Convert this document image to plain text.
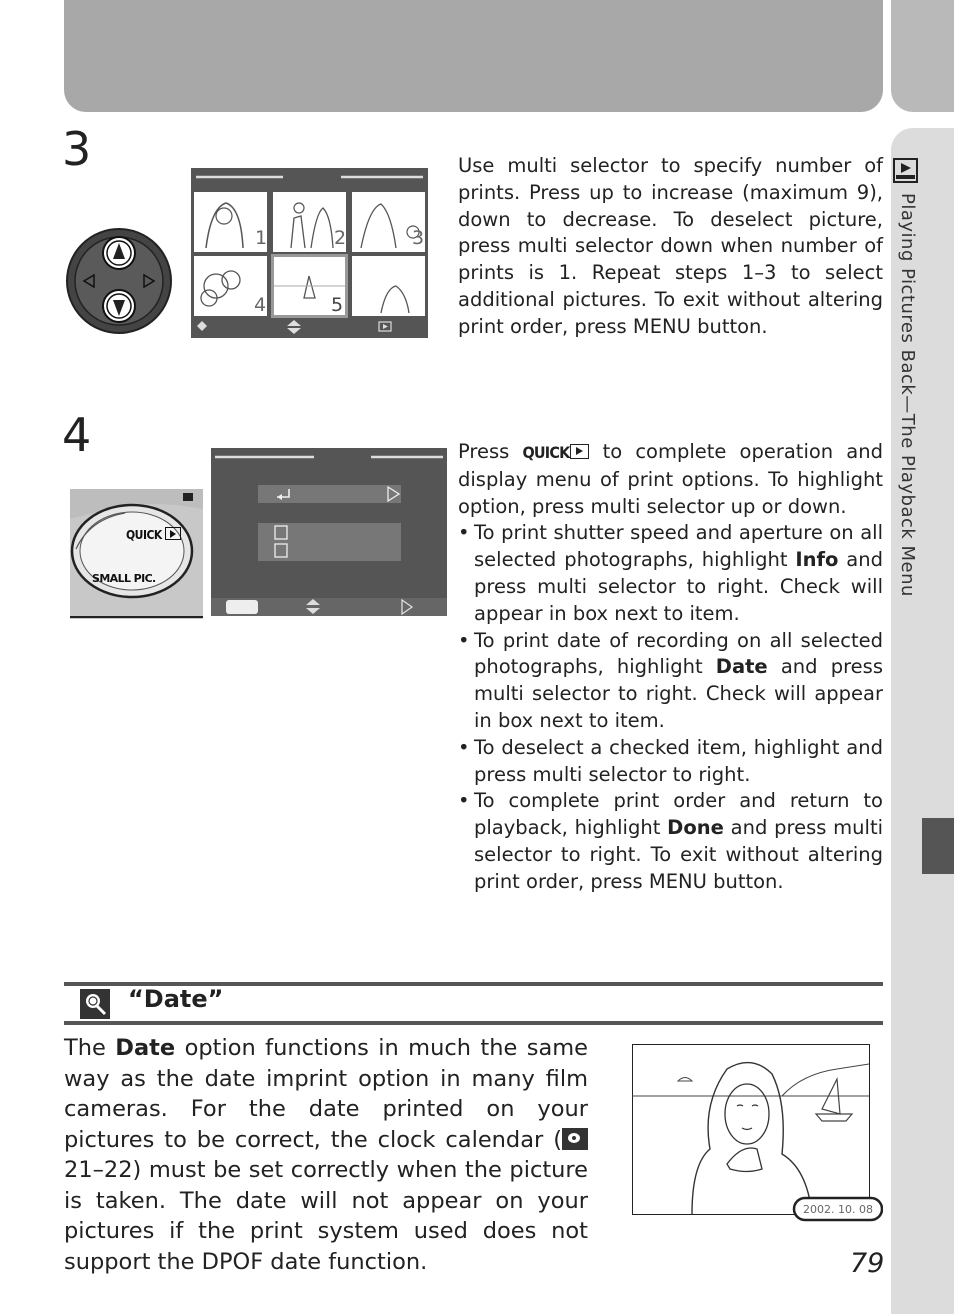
Playing Pictures Back—The Playback Menu
3
1	2	3
4	5

Use multi selector to specify number of prints. Press up to increase (maximum 9), down to decrease. To deselect picture, press multi selector down when number of prints is 1. Repeat steps 1–3 to select additional pictures. To exit without altering print order, press MENU button.

4
QUICK
SMALL PIC.

Press QUICK to complete operation and display menu of print options. To highlight option, press multi selector up or down.

• To print shutter speed and aperture on all selected photographs, highlight Info and press multi selector to right. Check will appear in box next to item.
• To print date of recording on all selected photographs, highlight Date and press multi selector to right. Check will appear in box next to item.
• To deselect a checked item, highlight and press multi selector to right.
• To complete print order and return to playback, highlight Done and press multi selector to right. To exit without altering print order, press MENU button.
“Date”
The Date option functions in much the same way as the date imprint option in many film cameras. For the date printed on your pictures to be correct, the clock calendar (
21–22) must be set correctly when the picture is taken. The date will not appear on your pictures if the print system used does not support the DPOF date function.
2002. 10. 08
79
